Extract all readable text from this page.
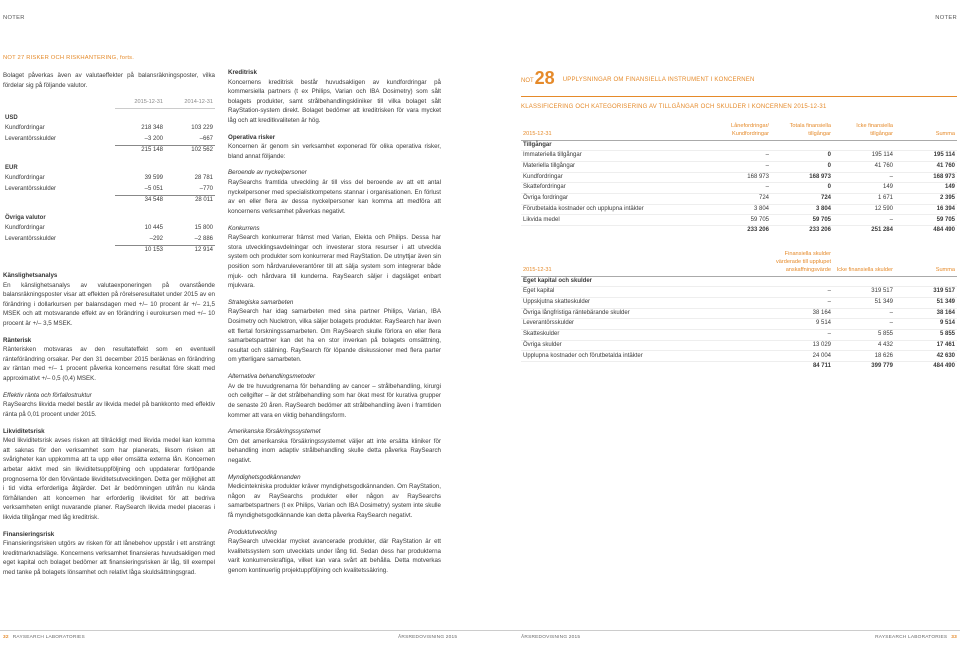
NOTER	NOTER
NOT 27 RISKER OCH RISKHANTERING, forts.

Bolaget påverkas även av valutaeffekter på balansräkningsposter, vilka fördelar sig på följande valutor.

	2015-12-31	2014-12-31
USD		
Kundfordringar	218 348	103 229
Leverantörsskulder	–3 200	–667
	215 148	102 562
EUR		
Kundfordringar	39 599	28 781
Leverantörsskulder	–5 051	–770
	34 548	28 011
Övriga valutor		
Kundfordringar	10 445	15 800
Leverantörsskulder	–292	–2 886
	10 153	12 914
Känslighetsanalys

En känslighetsanalys av valutaexponeringen på ovanstående balansräkningsposter visar att effekten på rörelseresultatet under 2015 av en förändring i dollarkursen per balansdagen med +/– 10 procent är +/– 21,5 MSEK och att motsvarande effekt av en förändring i eurokursen med +/– 10 procent är +/– 3,5 MSEK.

Ränterisk

Ränterisken motsvaras av den resultateffekt som en eventuell ränteförändring orsakar. Per den 31 december 2015 beräknas en förändring av räntan med +/– 1 procent påverka koncernens resultat före skatt med approximativt +/– 0,5 (0,4) MSEK.

Effektiv ränta och förfallostruktur

RaySearchs likvida medel består av likvida medel på bankkonto med effektiv ränta på 0,01 procent under 2015.

Likviditetsrisk

Med likviditetsrisk avses risken att tillräckligt med likvida medel kan komma att saknas för den verksamhet som har planerats, liksom risken att svårigheter kan uppkomma att ta upp eller omsätta externa lån. Koncernen arbetar aktivt med sin likviditetsuppföljning och uppdaterar fortlöpande prognoserna för den förväntade likviditetsutvecklingen. Detta ger möjlighet att i tid vidta erforderliga åtgärder. Det är bedömningen utifrån nu kända förhållanden att koncernen har erforderlig likviditet för att bedriva verksamheten enligt nuvarande planer. RaySearch likvida medel placeras i likvida tillgångar med låg kreditrisk.

Finansieringsrisk

Finansieringsrisken utgörs av risken för att lånebehov uppstår i ett ansträngt kreditmarknadsläge. Koncernens verksamhet finansieras huvudsakligen med eget kapital och bolaget bedömer att finansieringsrisken är låg, till exempel med tanke på bolagets lönsamhet och relativt låga skuldsättningsgrad.

Kreditrisk

Koncernens kreditrisk består huvudsakligen av kundfordringar på kommersiella partners (t ex Philips, Varian och IBA Dosimetry) som sålt bolagets produkter, samt strålbehandlingskliniker till vilka bolaget sålt RayStation-system direkt. Bolaget bedömer att kreditrisken för vara mycket låg och att kreditkvaliteten är hög.

Operativa risker

Koncernen är genom sin verksamhet exponerad för olika operativa risker, bland annat följande:

Beroende av nyckelpersoner

RaySearchs framtida utveckling är till viss del beroende av att ett antal nyckelpersoner med specialistkompetens stannar i organisationen. En förlust av en eller flera av dessa nyckelpersoner kan komma att medföra att koncernens verksamhet påverkas negativt.

Konkurrens

RaySearch konkurrerar främst med Varian, Elekta och Philips. Dessa har stora utvecklingsavdelningar och investerar stora resurser i att utveckla system och produkter som konkurrerar med RayStation. De utnyttjar även sin position som hårdvaruleverantörer till att sälja system som integrerar både mjuk- och hårdvara till kunderna. RaySearch säljer i dagsläget enbart mjukvara.

Strategiska samarbeten

RaySearch har idag samarbeten med sina partner Philips, Varian, IBA Dosimetry och Nucletron, vilka säljer bolagets produkter. RaySearch har även ett flertal forskningssamarbeten. Om RaySearch skulle förlora en eller flera samarbetspartner kan det ha en stor inverkan på bolagets omsättning, resultat och ställning. RaySearch för löpande diskussioner med flera parter om ytterligare samarbeten.

Alternativa behandlingsmetoder

Av de tre huvudgrenarna för behandling av cancer – strålbehandling, kirurgi och cellgifter – är det strålbehandling som har ökat mest för kurativa grupper de senaste 20 åren. RaySearch bedömer att strålbehandling även i framtiden kommer att vara en viktig behandlingsform.

Amerikanska försäkringssystemet

Om det amerikanska försäkringssystemet väljer att inte ersätta kliniker för behandling inom adaptiv strålbehandling skulle detta påverka RaySearch negativt.

Myndighetsgodkännanden

Medicintekniska produkter kräver myndighetsgodkännanden. Om RayStation, någon av RaySearchs produkter eller någon av RaySearchs samarbetspartners (t ex Philips, Varian och IBA Dosimetry) system inte skulle få myndighetsgodkännande kan detta påverka RaySearch negativt.

Produktutveckling

RaySearch utvecklar mycket avancerade produkter, där RayStation är ett kvalitetssystem som utvecklats under lång tid. Sedan dess har produkterna varit konkurrenskraftiga, vilket kan vara svårt att behålla. Detta motverkas genom kontinuerlig projektuppföljning och kvalitetssäkring.

NOT 28 UPPLYSNINGAR OM FINANSIELLA INSTRUMENT I KONCERNEN
KLASSIFICERING OCH KATEGORISERING AV TILLGÅNGAR OCH SKULDER I KONCERNEN 2015-12-31
2015-12-31	Lånefordringar/ Kundfordringar	Totala finansiella tillgångar	Icke finansiella tillgångar	Summa
Tillgångar				
Immateriella tillgångar	–	0	195 114	195 114
Materiella tillgångar	–	0	41 760	41 760
Kundfordringar	168 973	168 973	–	168 973
Skattefordringar	–	0	149	149
Övriga fordringar	724	724	1 671	2 395
Förutbetalda kostnader och upplupna intäkter	3 804	3 804	12 590	16 394
Likvida medel	59 705	59 705	–	59 705
	233 206	233 206	251 284	484 490
2015-12-31		Finansiella skulder värderade till upplupet anskaffningsvärde	Icke finansiella skulder	Summa
Eget kapital och skulder				
Eget kapital		–	319 517	319 517
Uppskjutna skatteskulder		–	51 349	51 349
Övriga långfristiga räntebärande skulder		38 164	–	38 164
Leverantörsskulder		9 514	–	9 514
Skatteskulder		–	5 855	5 855
Övriga skulder		13 029	4 432	17 461
Upplupna kostnader och förutbetalda intäkter		24 004	18 626	42 630
		84 711	399 779	484 490
32 RAYSEARCH LABORATORIES	ÅRSREDOVISNING 2015	ÅRSREDOVISNING 2015	RAYSEARCH LABORATORIES 33
